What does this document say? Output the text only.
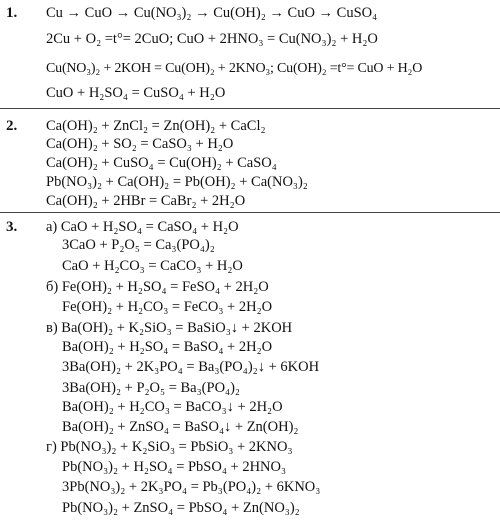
1. Cu → CuO → Cu(NO₃)₂ → Cu(OH)₂ → CuO → CuSO₄
2Cu + O₂ =t°= 2CuO; CuO + 2HNO₃ = Cu(NO₃)₂ + H₂O
Cu(NO₃)₂ + 2KOH = Cu(OH)₂ + 2KNO₃; Cu(OH)₂ =t°= CuO + H₂O
CuO + H₂SO₄ = CuSO₄ + H₂O
2. Ca(OH)₂ + ZnCl₂ = Zn(OH)₂ + CaCl₂
Ca(OH)₂ + SO₂ = CaSO₃ + H₂O
Ca(OH)₂ + CuSO₄ = Cu(OH)₂ + CaSO₄
Pb(NO₃)₂ + Ca(OH)₂ = Pb(OH)₂ + Ca(NO₃)₂
Ca(OH)₂ + 2HBr = CaBr₂ + 2H₂O
3. а) CaO + H₂SO₄ = CaSO₄ + H₂O
3CaO + P₂O₅ = Ca₃(PO₄)₂
CaO + H₂CO₃ = CaCO₃ + H₂O
б) Fe(OH)₂ + H₂SO₄ = FeSO₄ + 2H₂O
Fe(OH)₂ + H₂CO₃ = FeCO₃ + 2H₂O
в) Ba(OH)₂ + K₂SiO₃ = BaSiO₃↓ + 2KOH
Ba(OH)₂ + H₂SO₄ = BaSO₄ + 2H₂O
3Ba(OH)₂ + 2K₃PO₄ = Ba₃(PO₄)₂↓ + 6KOH
3Ba(OH)₂ + P₂O₅ = Ba₃(PO₄)₂
Ba(OH)₂ + H₂CO₃ = BaCO₃↓ + 2H₂O
Ba(OH)₂ + ZnSO₄ = BaSO₄↓ + Zn(OH)₂
г) Pb(NO₃)₂ + K₂SiO₃ = PbSiO₃ + 2KNO₃
Pb(NO₃)₂ + H₂SO₄ = PbSO₄ + 2HNO₃
3Pb(NO₃)₂ + 2K₃PO₄ = Pb₃(PO₄)₂ + 6KNO₃
Pb(NO₃)₂ + ZnSO₄ = PbSO₄ + Zn(NO₃)₂
